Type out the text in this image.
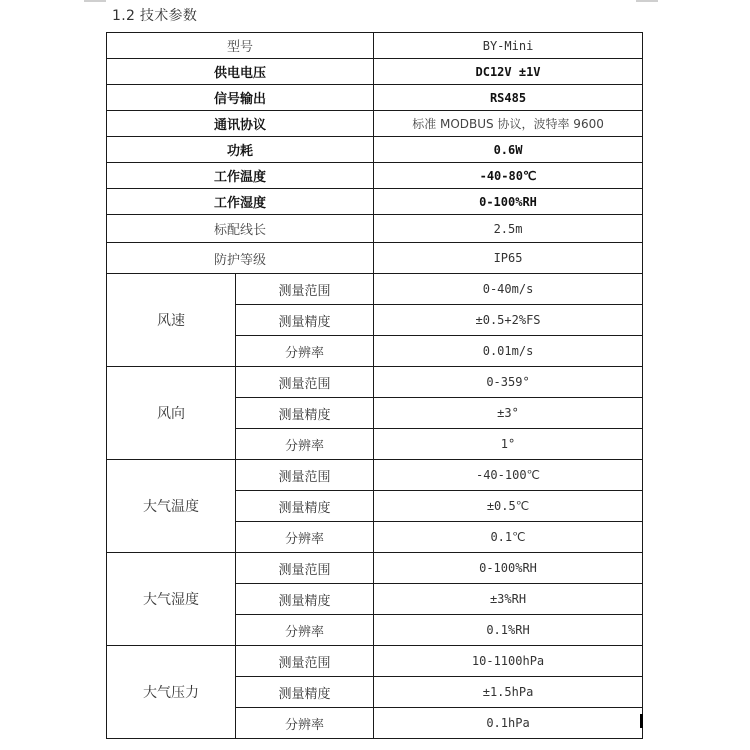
1.2 技术参数
型号		BY-Mini
供电电压		DC12V ±1V
信号输出		RS485
通讯协议		标准 MODBUS 协议，波特率 9600
功耗		0.6W
工作温度		-40-80℃
工作湿度		0-100%RH
标配线长		2.5m
防护等级		IP65
风速	测量范围	0-40m/s
	测量精度	±0.5+2%FS
	分辨率	0.01m/s
风向	测量范围	0-359°
	测量精度	±3°
	分辨率	1°
大气温度	测量范围	-40-100℃
	测量精度	±0.5℃
	分辨率	0.1℃
大气湿度	测量范围	0-100%RH
	测量精度	±3%RH
	分辨率	0.1%RH
大气压力	测量范围	10-1100hPa
	测量精度	±1.5hPa
	分辨率	0.1hPa
